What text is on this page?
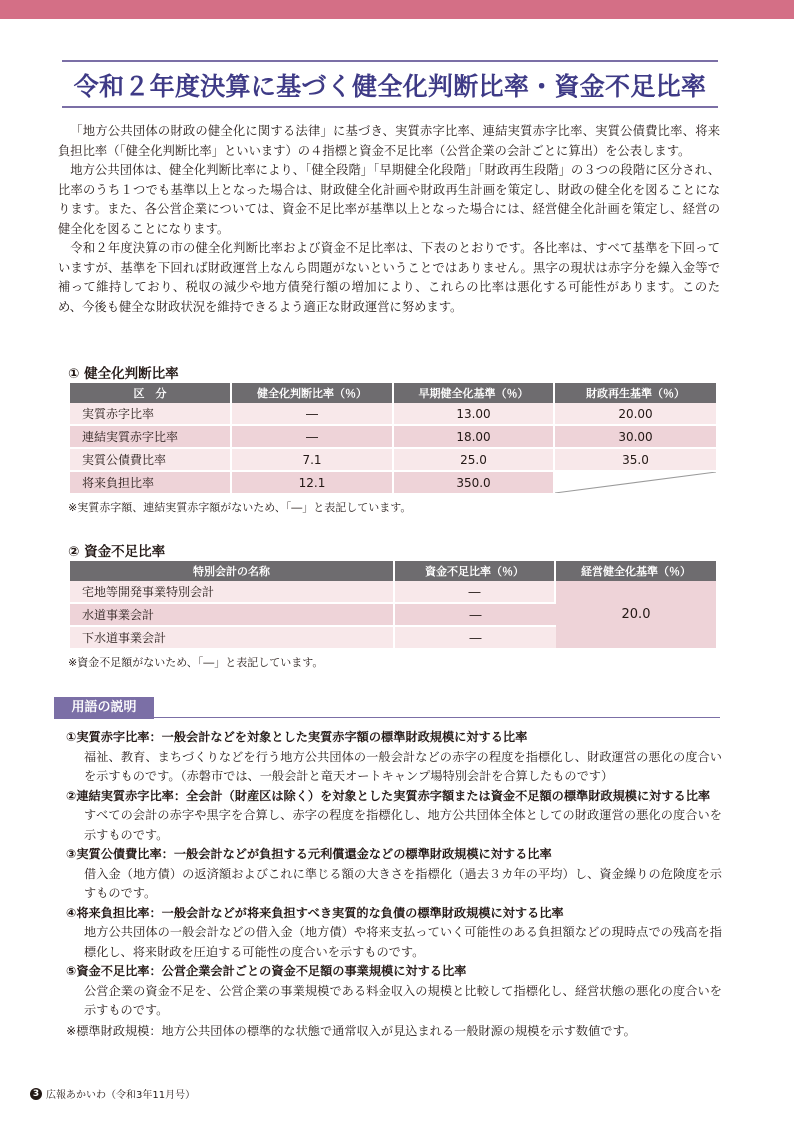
令和２年度決算に基づく健全化判断比率・資金不足比率

「地方公共団体の財政の健全化に関する法律」に基づき、実質赤字比率、連結実質赤字比率、実質公債費比率、将来負担比率（「健全化判断比率」といいます）の４指標と資金不足比率（公営企業の会計ごとに算出）を公表します。

地方公共団体は、健全化判断比率により、「健全段階」「早期健全化段階」「財政再生段階」の３つの段階に区分され、比率のうち１つでも基準以上となった場合は、財政健全化計画や財政再生計画を策定し、財政の健全化を図ることになります。また、各公営企業については、資金不足比率が基準以上となった場合には、経営健全化計画を策定し、経営の健全化を図ることになります。

令和２年度決算の市の健全化判断比率および資金不足比率は、下表のとおりです。各比率は、すべて基準を下回っていますが、基準を下回れば財政運営上なんら問題がないということではありません。黒字の現状は赤字分を繰入金等で補って維持しており、税収の減少や地方債発行額の増加により、これらの比率は悪化する可能性があります。このため、今後も健全な財政状況を維持できるよう適正な財政運営に努めます。

① 健全化判断比率
区　分	健全化判断比率（％）	早期健全化基準（％）	財政再生基準（％）
実質赤字比率	―	13.00	20.00
連結実質赤字比率	―	18.00	30.00
実質公債費比率	7.1	25.0	35.0
将来負担比率	12.1	350.0	
※実質赤字額、連結実質赤字額がないため、「―」と表記しています。
② 資金不足比率
特別会計の名称	資金不足比率（％）	経営健全化基準（％）
宅地等開発事業特別会計	―	20.0
水道事業会計	―	
下水道事業会計	―	
※資金不足額がないため、「―」と表記しています。
用語の説明
①実質赤字比率：一般会計などを対象とした実質赤字額の標準財政規模に対する比率
福祉、教育、まちづくりなどを行う地方公共団体の一般会計などの赤字の程度を指標化し、財政運営の悪化の度合いを示すものです。（赤磐市では、一般会計と竜天オートキャンプ場特別会計を合算したものです）
②連結実質赤字比率：全会計（財産区は除く）を対象とした実質赤字額または資金不足額の標準財政規模に対する比率
すべての会計の赤字や黒字を合算し、赤字の程度を指標化し、地方公共団体全体としての財政運営の悪化の度合いを示すものです。
③実質公債費比率：一般会計などが負担する元利償還金などの標準財政規模に対する比率
借入金（地方債）の返済額およびこれに準じる額の大きさを指標化（過去３カ年の平均）し、資金繰りの危険度を示すものです。
④将来負担比率：一般会計などが将来負担すべき実質的な負債の標準財政規模に対する比率
地方公共団体の一般会計などの借入金（地方債）や将来支払っていく可能性のある負担額などの現時点での残高を指標化し、将来財政を圧迫する可能性の度合いを示すものです。
⑤資金不足比率：公営企業会計ごとの資金不足額の事業規模に対する比率
公営企業の資金不足を、公営企業の事業規模である料金収入の規模と比較して指標化し、経営状態の悪化の度合いを示すものです。
※標準財政規模：地方公共団体の標準的な状態で通常収入が見込まれる一般財源の規模を示す数値です。
3 広報あかいわ（令和3年11月号）
